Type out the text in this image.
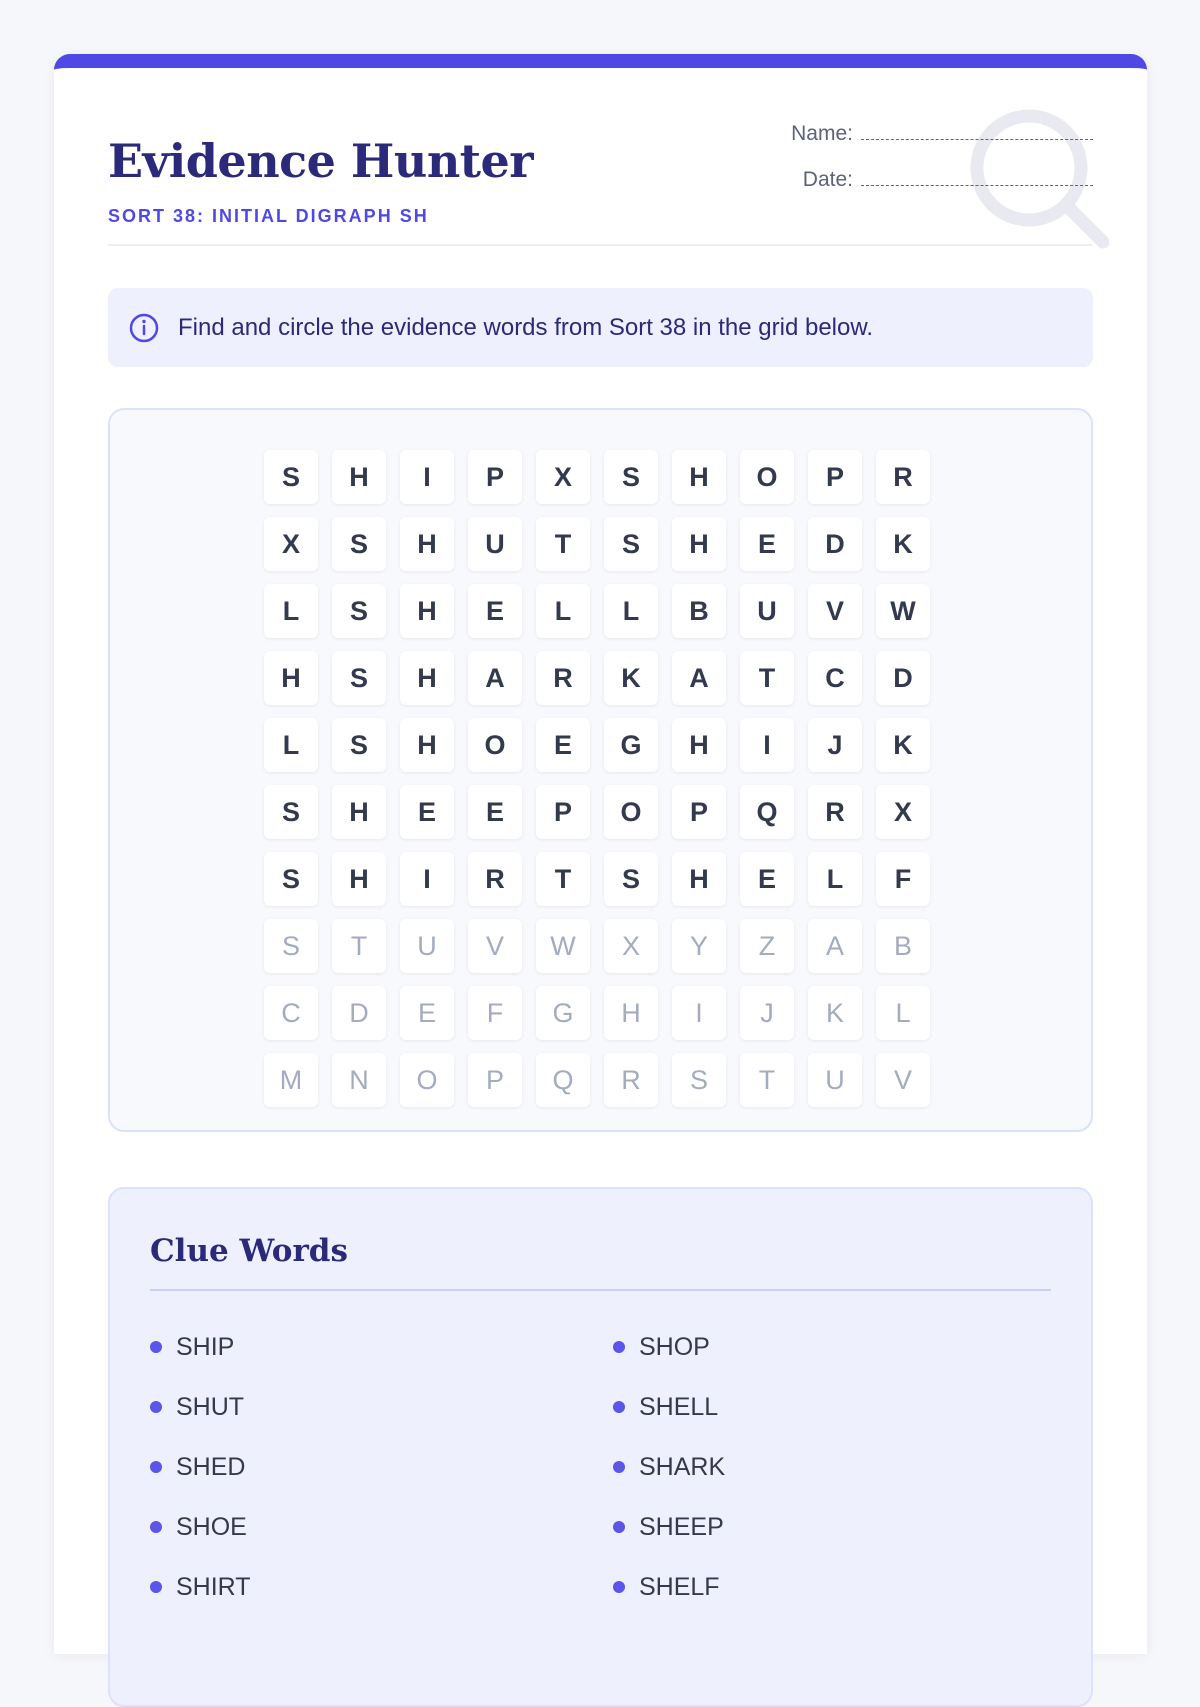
Evidence Hunter
SORT 38: INITIAL DIGRAPH SH
Name:
Date:
Find and circle the evidence words from Sort 38 in the grid below.
S	H	I	P	X	S	H	O	P	R
X	S	H	U	T	S	H	E	D	K
L	S	H	E	L	L	B	U	V	W
H	S	H	A	R	K	A	T	C	D
L	S	H	O	E	G	H	I	J	K
S	H	E	E	P	O	P	Q	R	X
S	H	I	R	T	S	H	E	L	F
S	T	U	V	W	X	Y	Z	A	B
C	D	E	F	G	H	I	J	K	L
M	N	O	P	Q	R	S	T	U	V
Clue Words
SHIP	SHOP
SHUT	SHELL
SHED	SHARK
SHOE	SHEEP
SHIRT	SHELF
